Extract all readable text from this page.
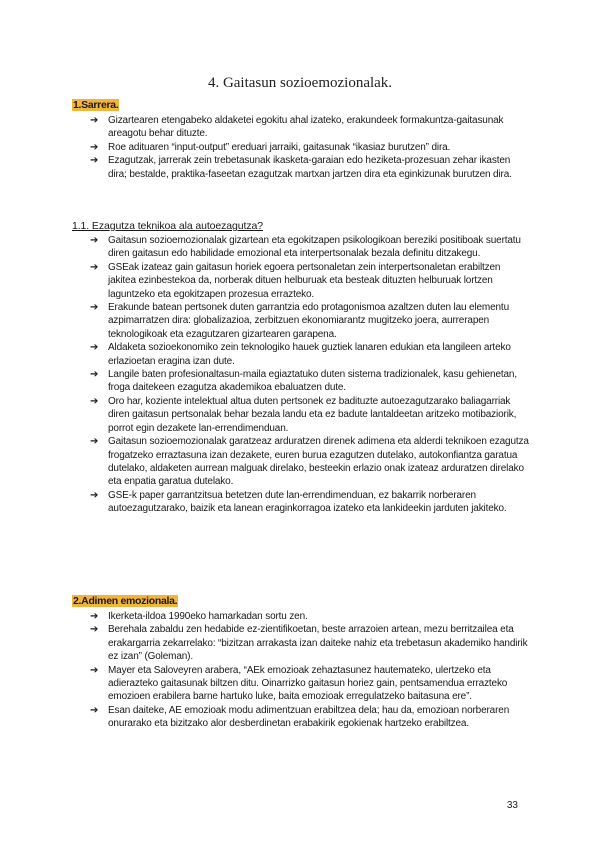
4. Gaitasun sozioemozionalak.
1.Sarrera.
➔ Gizartearen etengabeko aldaketei egokitu ahal izateko, erakundeek formakuntza-gaitasunak areagotu behar dituzte.
➔ Roe adituaren “input-output” ereduari jarraiki, gaitasunak “ikasiaz burutzen” dira.
➔ Ezagutzak, jarrerak zein trebetasunak ikasketa-garaian edo heziketa-prozesuan zehar ikasten dira; bestalde, praktika-faseetan ezagutzak martxan jartzen dira eta eginkizunak burutzen dira.
1.1. Ezagutza teknikoa ala autoezagutza?
➔ Gaitasun sozioemozionalak gizartean eta egokitzapen psikologikoan bereziki positiboak suertatu diren gaitasun edo habilidade emozional eta interpertsonalak bezala definitu ditzakegu.
➔ GSEak izateaz gain gaitasun horiek egoera pertsonaletan zein interpertsonaletan erabiltzen jakitea ezinbestekoa da, norberak dituen helburuak eta besteak dituzten helburuak lortzen laguntzeko eta egokitzapen prozesua errazteko.
➔ Erakunde batean pertsonek duten garrantzia edo protagonismoa azaltzen duten lau elementu azpimarratzen dira: globalizazioa, zerbitzuen ekonomiarantz mugitzeko joera, aurrerapen teknologikoak eta ezagutzaren gizartearen garapena.
➔ Aldaketa sozioekonomiko zein teknologiko hauek guztiek lanaren edukian eta langileen arteko erlazioetan eragina izan dute.
➔ Langile baten profesionaltasun-maila egiaztatuko duten sistema tradizionalek, kasu gehienetan, froga daitekeen ezagutza akademikoa ebaluatzen dute.
➔ Oro har, koziente intelektual altua duten pertsonek ez badituzte autoezagutzarako baliagarriak diren gaitasun pertsonalak behar bezala landu eta ez badute lantaldeetan aritzeko motibaziorik, porrot egin dezakete lan-errendimenduan.
➔ Gaitasun sozioemozionalak garatzeaz arduratzen direnek adimena eta alderdi teknikoen ezagutza frogatzeko erraztasuna izan dezakete, euren burua ezagutzen dutelako, autokonfiantza garatua dutelako, aldaketen aurrean malguak direlako, besteekin erlazio onak izateaz arduratzen direlako eta enpatia garatua dutelako.
➔ GSE-k paper garrantzitsua betetzen dute lan-errendimenduan, ez bakarrik norberaren autoezagutzarako, baizik eta lanean eraginkorragoa izateko eta lankideekin jarduten jakiteko.
2.Adimen emozionala.
➔ Ikerketa-ildoa 1990eko hamarkadan sortu zen.
➔ Berehala zabaldu zen hedabide ez-zientifikoetan, beste arrazoien artean, mezu berritzailea eta erakargarria zekarrelako: “bizitzan arrakasta izan daiteke nahiz eta trebetasun akademiko handirik ez izan” (Goleman).
➔ Mayer eta Saloveyren arabera, “AEk emozioak zehaztasunez hautemateko, ulertzeko eta adierazteko gaitasunak biltzen ditu. Oinarrizko gaitasun horiez gain, pentsamendua errazteko emozioen erabilera barne hartuko luke, baita emozioak erregulatzeko baitasuna ere”.
➔ Esan daiteke, AE emozioak modu adimentzuan erabiltzea dela; hau da, emozioan norberaren onurarako eta bizitzako alor desberdinetan erabakirik egokienak hartzeko erabiltzea.
33
